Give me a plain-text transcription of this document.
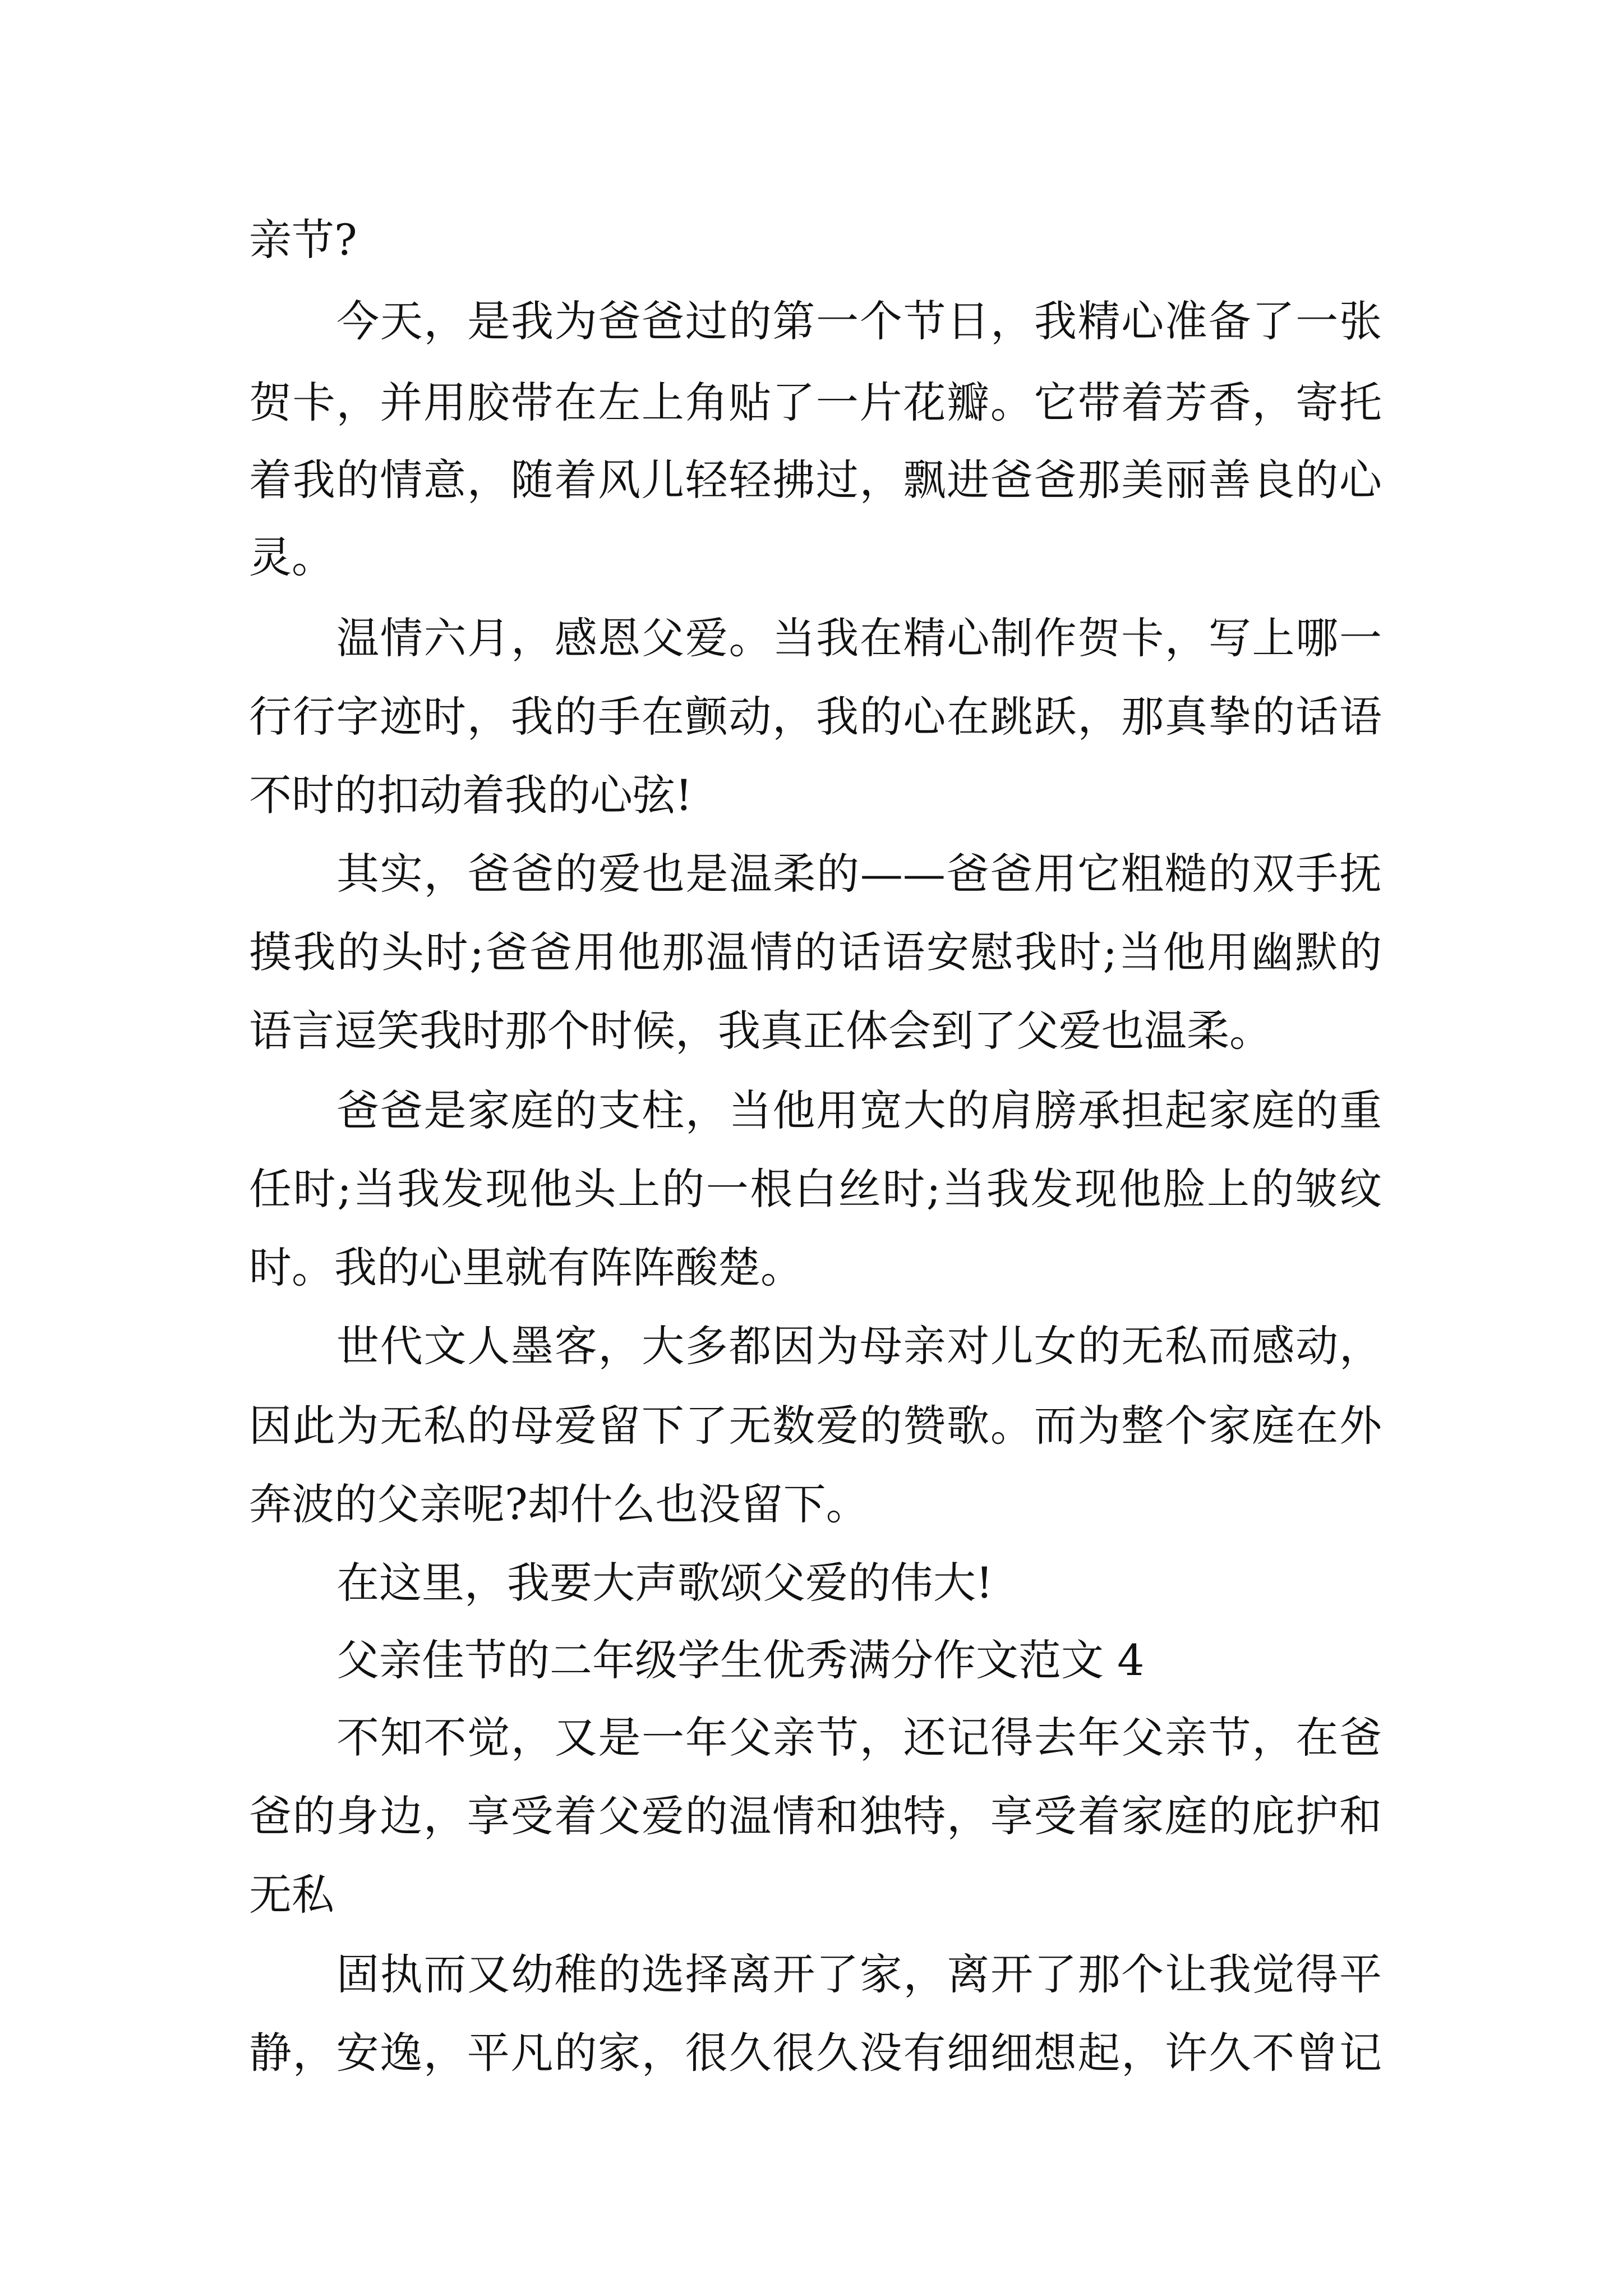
亲节?
今天，是我为爸爸过的第一个节日，我精心准备了一张
贺卡，并用胶带在左上角贴了一片花瓣。它带着芳香，寄托
着我的情意，随着风儿轻轻拂过，飘进爸爸那美丽善良的心
灵。
温情六月，感恩父爱。当我在精心制作贺卡，写上哪一
行行字迹时，我的手在颤动，我的心在跳跃，那真挚的话语
不时的扣动着我的心弦!
其实，爸爸的爱也是温柔的——爸爸用它粗糙的双手抚
摸我的头时;爸爸用他那温情的话语安慰我时;当他用幽默的
语言逗笑我时那个时候，我真正体会到了父爱也温柔。
爸爸是家庭的支柱，当他用宽大的肩膀承担起家庭的重
任时;当我发现他头上的一根白丝时;当我发现他脸上的皱纹
时。我的心里就有阵阵酸楚。
世代文人墨客，大多都因为母亲对儿女的无私而感动，
因此为无私的母爱留下了无数爱的赞歌。而为整个家庭在外
奔波的父亲呢?却什么也没留下。
在这里，我要大声歌颂父爱的伟大!
父亲佳节的二年级学生优秀满分作文范文 4
不知不觉，又是一年父亲节，还记得去年父亲节，在爸
爸的身边，享受着父爱的温情和独特，享受着家庭的庇护和
无私
固执而又幼稚的选择离开了家，离开了那个让我觉得平
静，安逸，平凡的家，很久很久没有细细想起，许久不曾记
